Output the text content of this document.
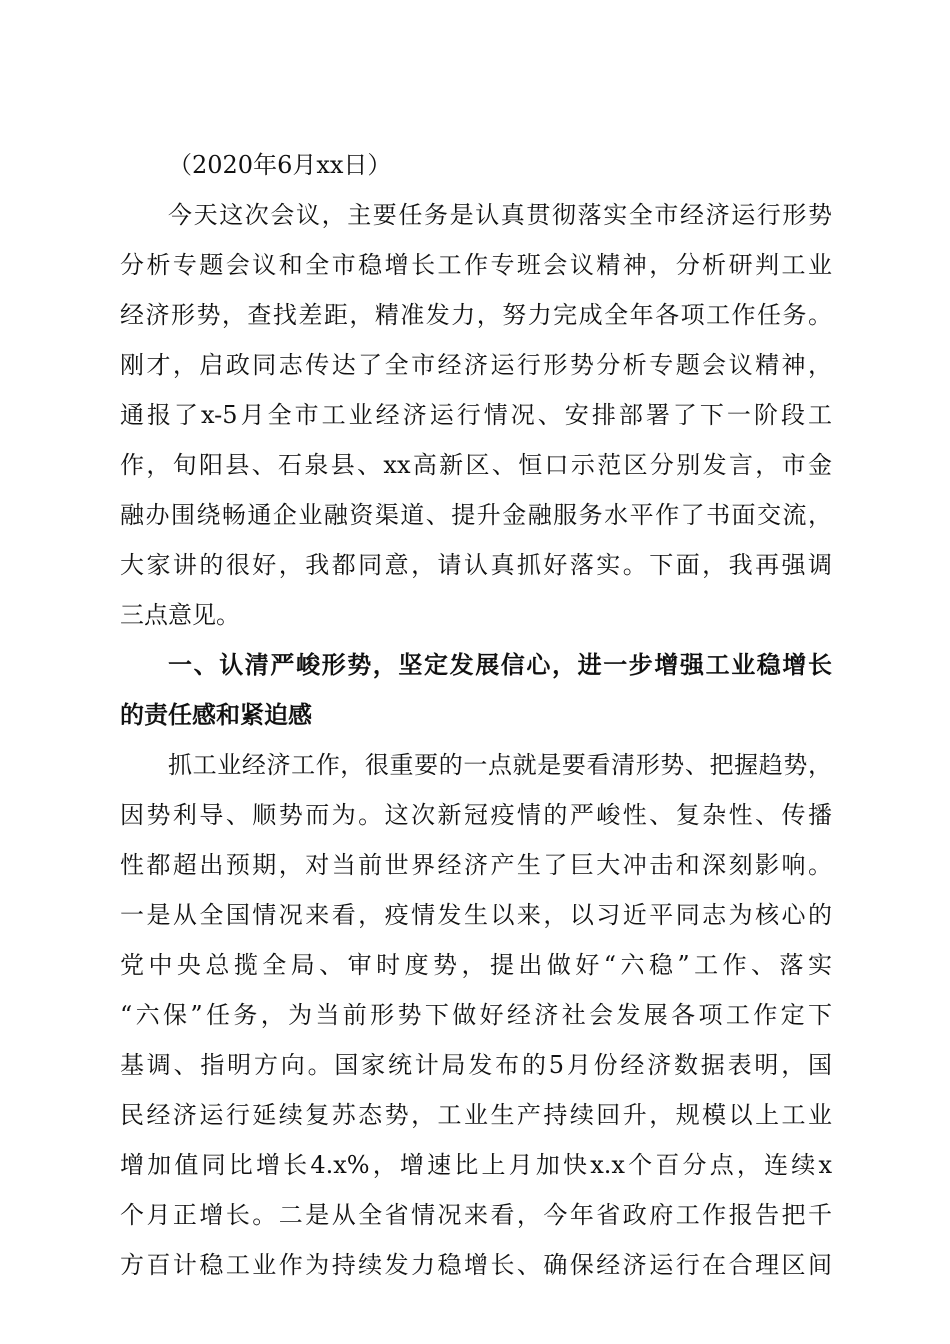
（2020年6月xx日）
今天这次会议，主要任务是认真贯彻落实全市经济运行形势
分析专题会议和全市稳增长工作专班会议精神，分析研判工业
经济形势，查找差距，精准发力，努力完成全年各项工作任务。
刚才，启政同志传达了全市经济运行形势分析专题会议精神，
通报了x-5月全市工业经济运行情况、安排部署了下一阶段工
作，旬阳县、石泉县、xx高新区、恒口示范区分别发言，市金
融办围绕畅通企业融资渠道、提升金融服务水平作了书面交流，
大家讲的很好，我都同意，请认真抓好落实。下面，我再强调
三点意见。
一、认清严峻形势，坚定发展信心，进一步增强工业稳增长
的责任感和紧迫感
抓工业经济工作，很重要的一点就是要看清形势、把握趋势，
因势利导、顺势而为。这次新冠疫情的严峻性、复杂性、传播
性都超出预期，对当前世界经济产生了巨大冲击和深刻影响。
一是从全国情况来看，疫情发生以来，以习近平同志为核心的
党中央总揽全局、审时度势，提出做好“六稳”工作、落实
“六保”任务，为当前形势下做好经济社会发展各项工作定下
基调、指明方向。国家统计局发布的5月份经济数据表明，国
民经济运行延续复苏态势，工业生产持续回升，规模以上工业
增加值同比增长4.x%，增速比上月加快x.x个百分点，连续x
个月正增长。二是从全省情况来看，今年省政府工作报告把千
方百计稳工业作为持续发力稳增长、确保经济运行在合理区间
